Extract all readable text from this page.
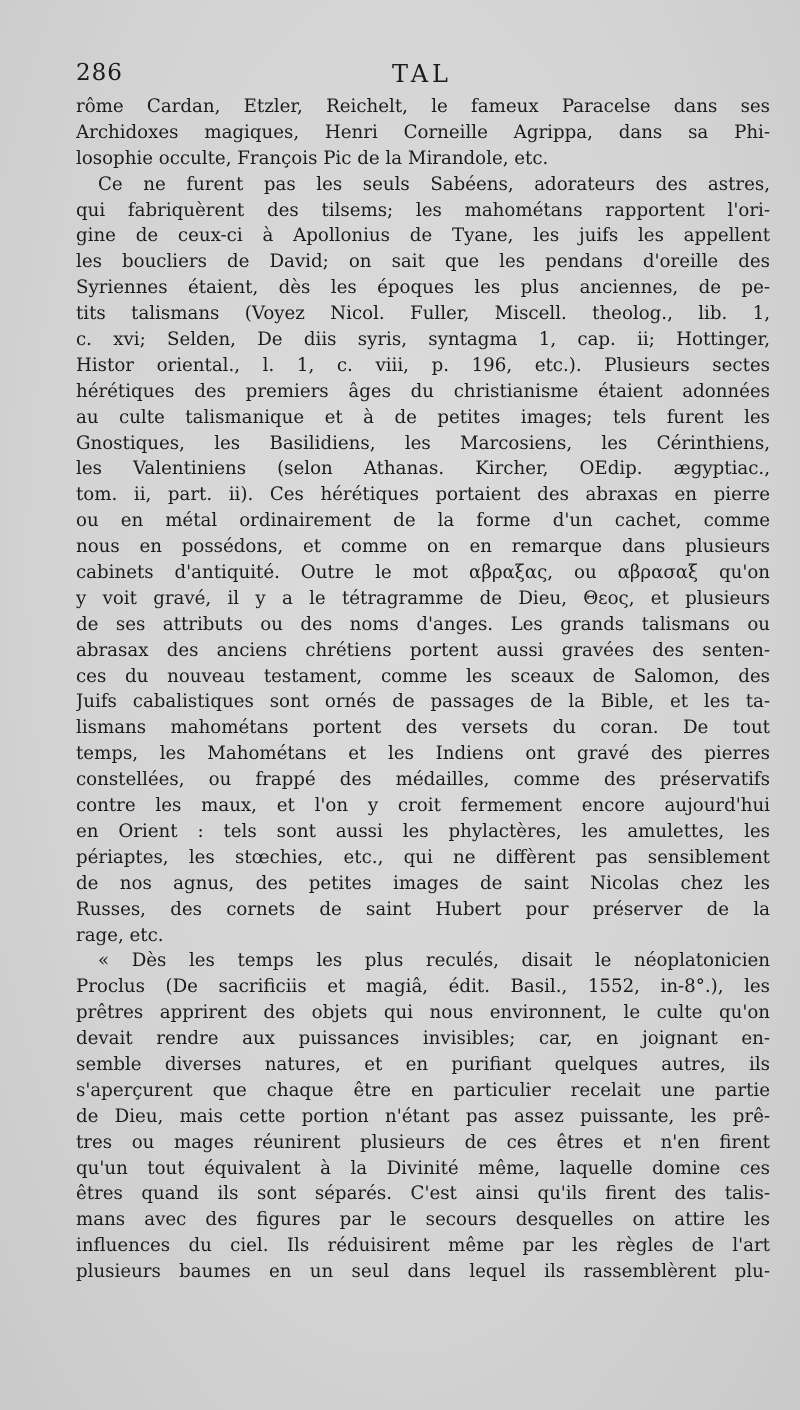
286	TAL
rôme Cardan, Etzler, Reichelt, le fameux Paracelse dans ses
Archidoxes magiques, Henri Corneille Agrippa, dans sa Phi-
losophie occulte, François Pic de la Mirandole, etc.
Ce ne furent pas les seuls Sabéens, adorateurs des astres,
qui fabriquèrent des tilsems; les mahométans rapportent l'ori-
gine de ceux-ci à Apollonius de Tyane, les juifs les appellent
les boucliers de David; on sait que les pendans d'oreille des
Syriennes étaient, dès les époques les plus anciennes, de pe-
tits talismans (Voyez Nicol. Fuller, Miscell. theolog., lib. 1,
c. xvi; Selden, De diis syris, syntagma 1, cap. ii; Hottinger,
Histor oriental., l. 1, c. viii, p. 196, etc.). Plusieurs sectes
hérétiques des premiers âges du christianisme étaient adonnées
au culte talismanique et à de petites images; tels furent les
Gnostiques, les Basilidiens, les Marcosiens, les Cérinthiens,
les Valentiniens (selon Athanas. Kircher, OEdip. ægyptiac.,
tom. ii, part. ii). Ces hérétiques portaient des abraxas en pierre
ou en métal ordinairement de la forme d'un cachet, comme
nous en possédons, et comme on en remarque dans plusieurs
cabinets d'antiquité. Outre le mot αβραξας, ou αβρασαξ qu'on
y voit gravé, il y a le tétragramme de Dieu, Θεος, et plusieurs
de ses attributs ou des noms d'anges. Les grands talismans ou
abrasax des anciens chrétiens portent aussi gravées des senten-
ces du nouveau testament, comme les sceaux de Salomon, des
Juifs cabalistiques sont ornés de passages de la Bible, et les ta-
lismans mahométans portent des versets du coran. De tout
temps, les Mahométans et les Indiens ont gravé des pierres
constellées, ou frappé des médailles, comme des préservatifs
contre les maux, et l'on y croit fermement encore aujourd'hui
en Orient : tels sont aussi les phylactères, les amulettes, les
périaptes, les stœchies, etc., qui ne diffèrent pas sensiblement
de nos agnus, des petites images de saint Nicolas chez les
Russes, des cornets de saint Hubert pour préserver de la
rage, etc.
« Dès les temps les plus reculés, disait le néoplatonicien
Proclus (De sacrificiis et magiâ, édit. Basil., 1552, in-8°.), les
prêtres apprirent des objets qui nous environnent, le culte qu'on
devait rendre aux puissances invisibles; car, en joignant en-
semble diverses natures, et en purifiant quelques autres, ils
s'aperçurent que chaque être en particulier recelait une partie
de Dieu, mais cette portion n'étant pas assez puissante, les prê-
tres ou mages réunirent plusieurs de ces êtres et n'en firent
qu'un tout équivalent à la Divinité même, laquelle domine ces
êtres quand ils sont séparés. C'est ainsi qu'ils firent des talis-
mans avec des figures par le secours desquelles on attire les
influences du ciel. Ils réduisirent même par les règles de l'art
plusieurs baumes en un seul dans lequel ils rassemblèrent plu-
